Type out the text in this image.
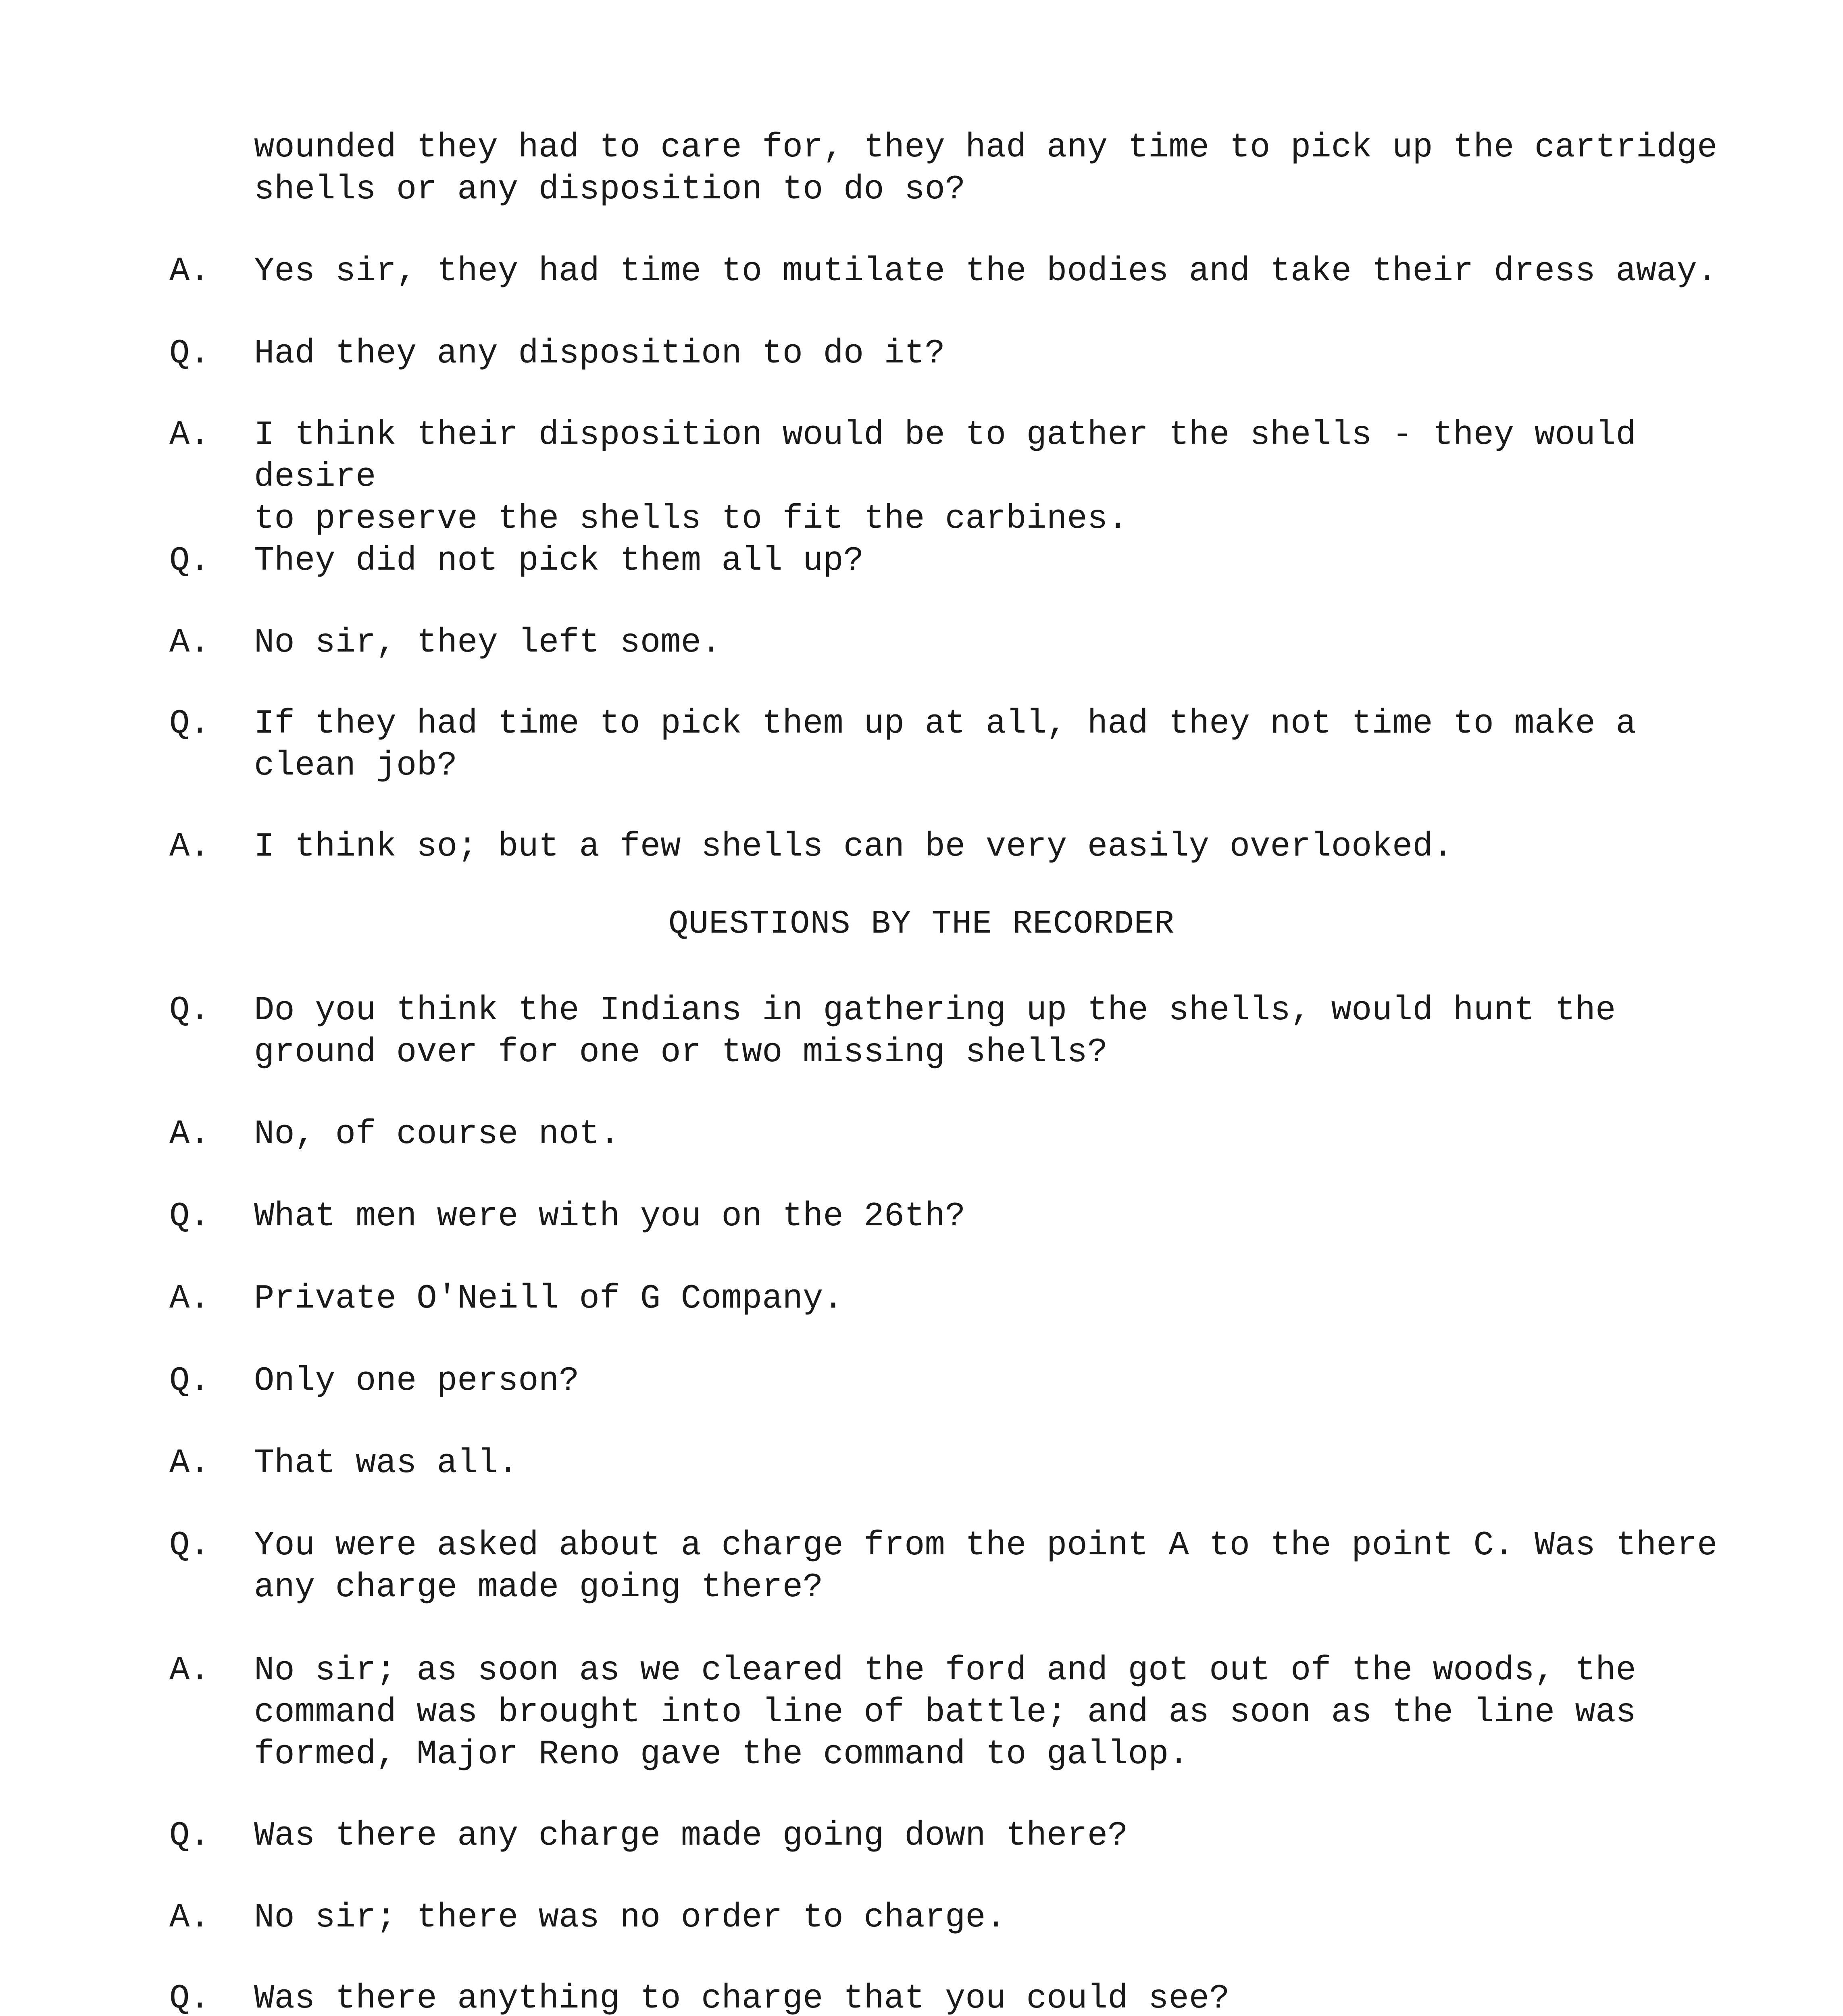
wounded they had to care for, they had any time to pick up the cartridge
shells or any disposition to do so?
A.	Yes sir, they had time to mutilate the bodies and take their dress away.
Q.	Had they any disposition to do it?
A.	I think their disposition would be to gather the shells - they would desire
to preserve the shells to fit the carbines.
Q.	They did not pick them all up?
A.	No sir, they left some.
Q.	If they had time to pick them up at all, had they not time to make a
clean job?
A.	I think so; but a few shells can be very easily overlooked.
QUESTIONS BY THE RECORDER
Q.	Do you think the Indians in gathering up the shells, would hunt the
ground over for one or two missing shells?
A.	No, of course not.
Q.	What men were with you on the 26th?
A.	Private O'Neill of G Company.
Q.	Only one person?
A.	That was all.
Q.	You were asked about a charge from the point A to the point C. Was there
any charge made going there?
A.	No sir; as soon as we cleared the ford and got out of the woods, the
command was brought into line of battle; and as soon as the line was
formed, Major Reno gave the command to gallop.
Q.	Was there any charge made going down there?
A.	No sir; there was no order to charge.
Q.	Was there anything to charge that you could see?
